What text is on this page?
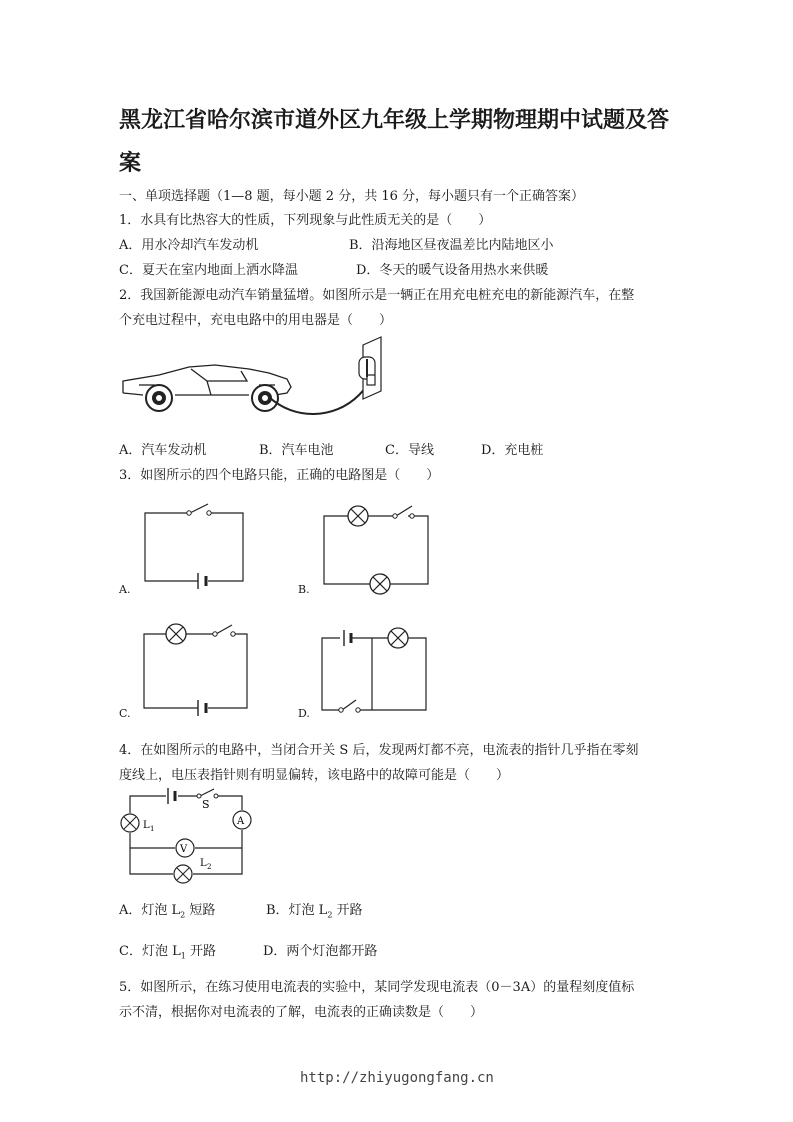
黑龙江省哈尔滨市道外区九年级上学期物理期中试题及答
案
一、单项选择题（1—8 题，每小题 2 分，共 16 分，每小题只有一个正确答案）
1．水具有比热容大的性质，下列现象与此性质无关的是（　　）
A．用水冷却汽车发动机	B．沿海地区昼夜温差比内陆地区小
C．夏天在室内地面上洒水降温	D．冬天的暖气设备用热水来供暖
2．我国新能源电动汽车销量猛增。如图所示是一辆正在用充电桩充电的新能源汽车，在整
个充电过程中，充电电路中的用电器是（　　）
A．汽车发动机	B．汽车电池	C．导线	D．充电桩
3．如图所示的四个电路只能，正确的电路图是（　　）
A.	B.
C.	D.
4．在如图所示的电路中，当闭合开关 S 后，发现两灯都不亮，电流表的指针几乎指在零刻
度线上，电压表指针则有明显偏转，该电路中的故障可能是（　　）
S
A
V
L 1
L 2
A．灯泡 $L_2$ 短路	B．灯泡 $L_2$ 开路
C．灯泡 $L_1$ 开路	D．两个灯泡都开路
5．如图所示，在练习使用电流表的实验中，某同学发现电流表（0－3A）的量程刻度值标
示不清，根据你对电流表的了解，电流表的正确读数是（　　）
http://zhiyugongfang.cn
